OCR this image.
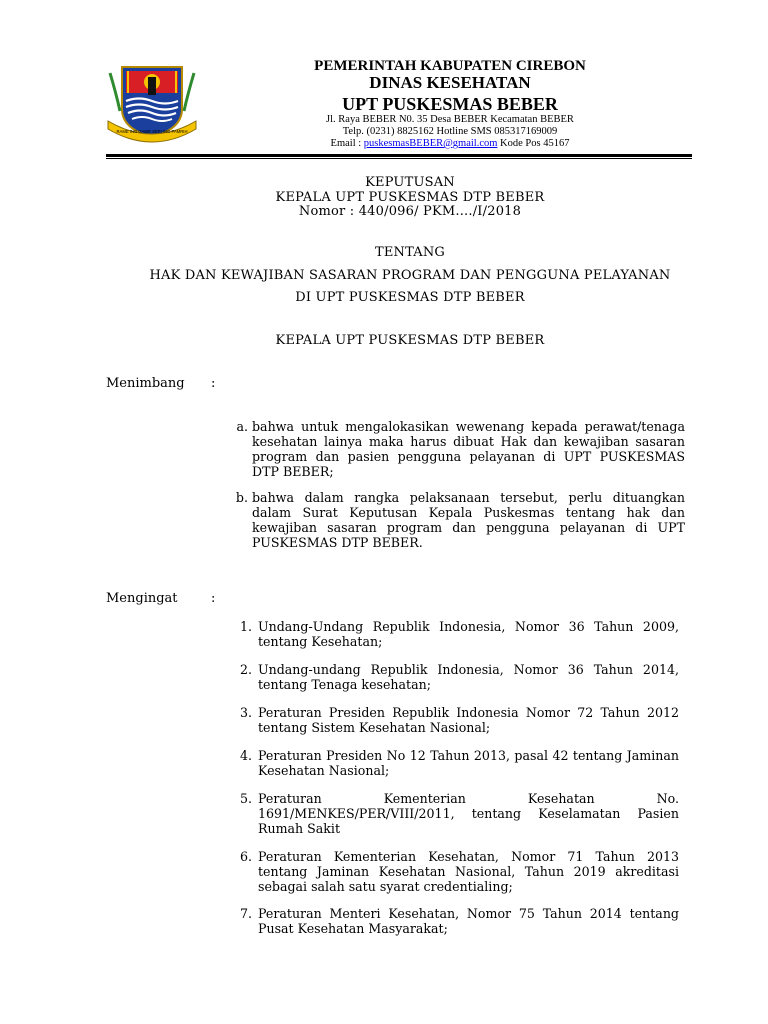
RAME ING GAWE SEPI ING PAMRIH
PEMERINTAH KABUPATEN CIREBON
DINAS KESEHATAN
UPT PUSKESMAS BEBER
Jl. Raya BEBER N0. 35 Desa BEBER Kecamatan BEBER
Telp. (0231) 8825162 Hotline SMS 085317169009
Email : puskesmasBEBER@gmail.com Kode Pos 45167
KEPUTUSAN
KEPALA UPT PUSKESMAS DTP BEBER
Nomor : 440/096/ PKM..../I/2018
TENTANG
HAK DAN KEWAJIBAN SASARAN PROGRAM DAN PENGGUNA PELAYANAN
DI UPT PUSKESMAS DTP BEBER
KEPALA UPT PUSKESMAS DTP BEBER
Menimbang :
a. bahwa untuk mengalokasikan wewenang kepada perawat/tenaga kesehatan lainya maka harus dibuat Hak dan kewajiban sasaran program dan pasien pengguna pelayanan di UPT PUSKESMAS DTP BEBER;
b. bahwa dalam rangka pelaksanaan tersebut, perlu dituangkan dalam Surat Keputusan Kepala Puskesmas tentang hak dan kewajiban sasaran program dan pengguna pelayanan di UPT PUSKESMAS DTP BEBER.
Mengingat	:
1. Undang-Undang Republik Indonesia, Nomor 36 Tahun 2009, tentang Kesehatan;
2. Undang-undang Republik Indonesia, Nomor 36 Tahun 2014, tentang Tenaga kesehatan;
3. Peraturan Presiden Republik Indonesia Nomor 72 Tahun 2012 tentang Sistem Kesehatan Nasional;
4. Peraturan Presiden No 12 Tahun 2013, pasal 42 tentang Jaminan Kesehatan Nasional;
5. Peraturan Kementerian Kesehatan No. 1691/MENKES/PER/VIII/2011, tentang Keselamatan Pasien Rumah Sakit
6. Peraturan Kementerian Kesehatan, Nomor 71 Tahun 2013 tentang Jaminan Kesehatan Nasional, Tahun 2019 akreditasi sebagai salah satu syarat credentialing;
7. Peraturan Menteri Kesehatan, Nomor 75 Tahun 2014 tentang Pusat Kesehatan Masyarakat;
